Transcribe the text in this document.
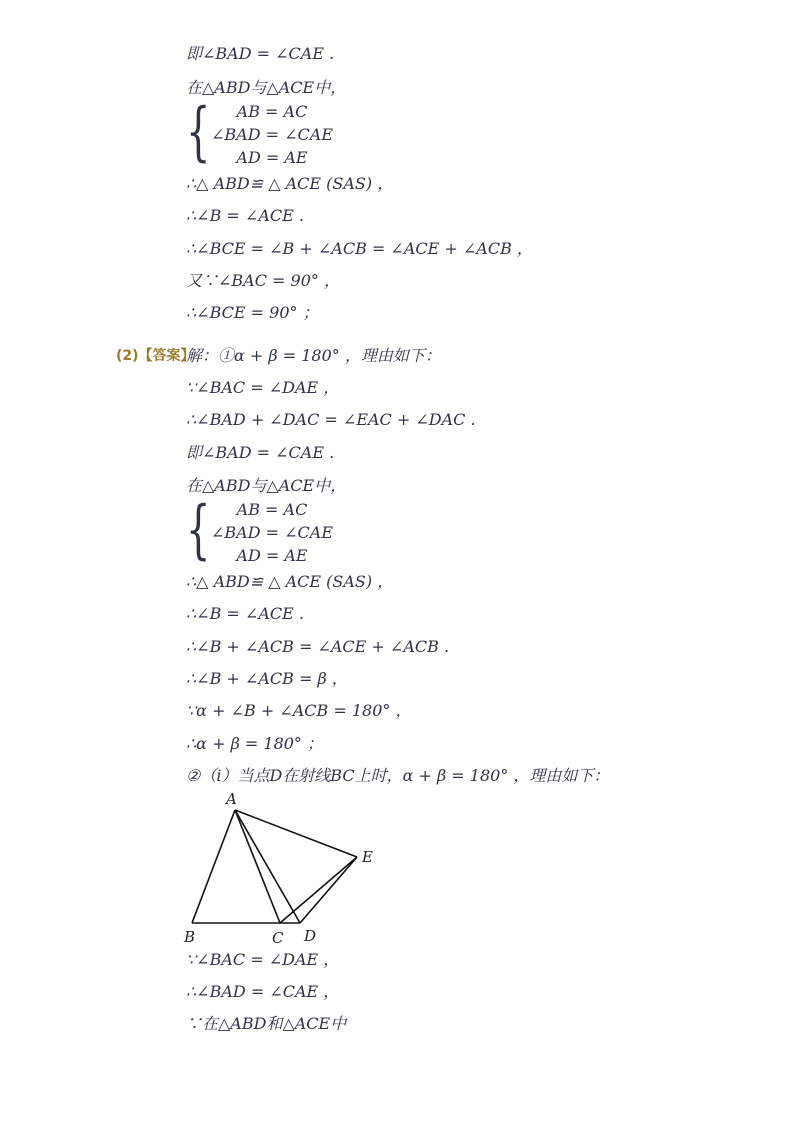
即∠BAD = ∠CAE .
在△ABD与△ACE中，
{	AB = AC
∠BAD = ∠CAE
AD = AE
∴△ ABD≌ △ ACE (SAS) ，
∴∠B = ∠ACE .
∴∠BCE = ∠B + ∠ACB = ∠ACE + ∠ACB ，
又∵∠BAC = 90° ，
∴∠BCE = 90° ；
(2)【答案】
解：①α + β = 180° ，理由如下：
∵∠BAC = ∠DAE ，
∴∠BAD + ∠DAC = ∠EAC + ∠DAC .
即∠BAD = ∠CAE .
在△ABD与△ACE中，
{	AB = AC
∠BAD = ∠CAE
AD = AE
∴△ ABD≌ △ ACE (SAS) ，
∴∠B = ∠ACE .
∴∠B + ∠ACB = ∠ACE + ∠ACB .
∴∠B + ∠ACB = β ，
∵α + ∠B + ∠ACB = 180° ，
∴α + β = 180° ；
②（ⅰ）当点D在射线BC上时，α + β = 180° ，理由如下：
A
B	C D
E
∵∠BAC = ∠DAE ，
∴∠BAD = ∠CAE ，
∵在△ABD和△ACE中
